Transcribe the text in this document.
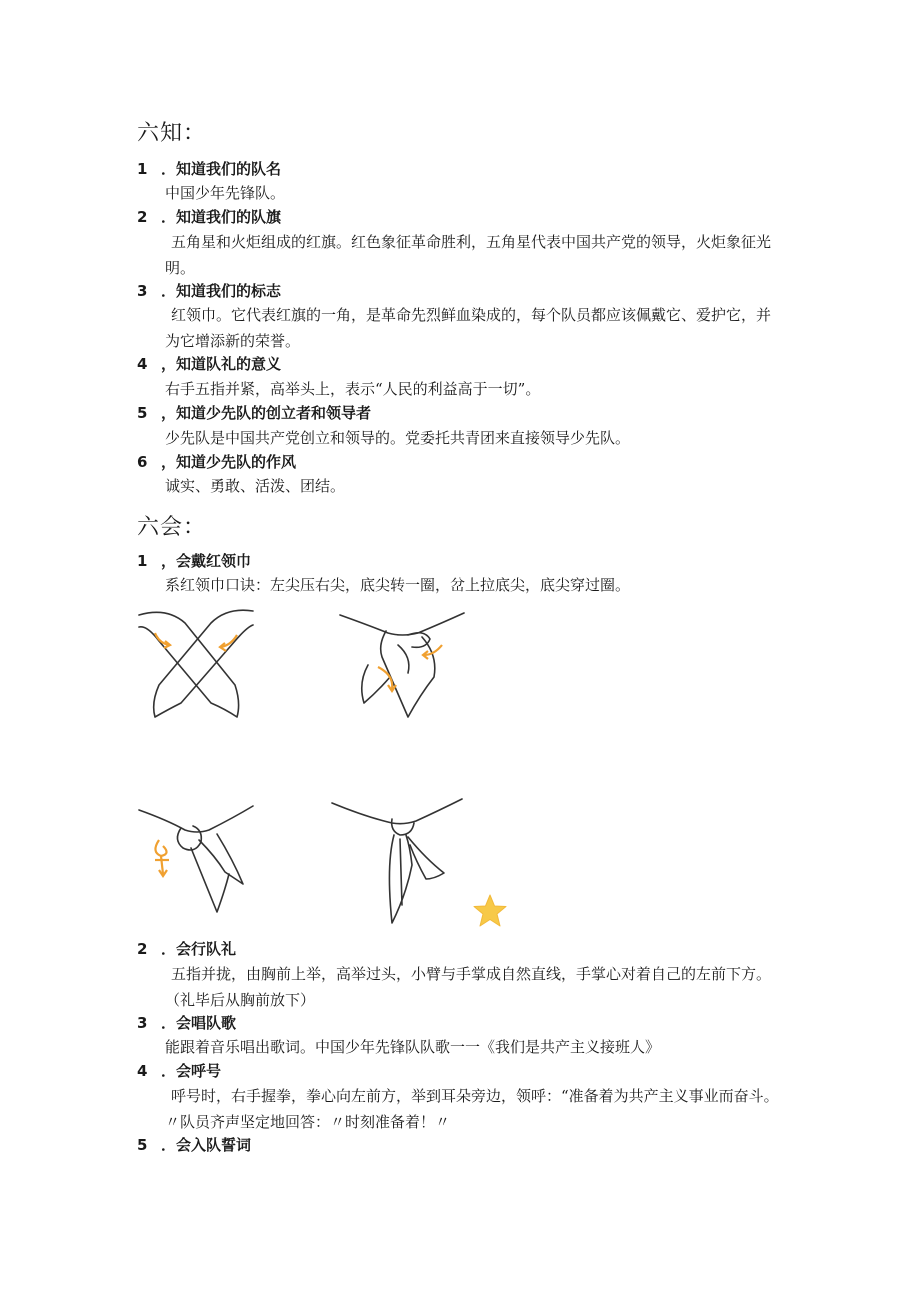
六知：
1 ．知道我们的队名
中国少年先锋队。
2 ．知道我们的队旗
五角星和火炬组成的红旗。红色象征革命胜利，五角星代表中国共产党的领导，火炬象征光明。
3 ．知道我们的标志
红领巾。它代表红旗的一角，是革命先烈鲜血染成的，每个队员都应该佩戴它、爱护它，并为它增添新的荣誉。
4 ，知道队礼的意义
右手五指并紧，高举头上，表示“人民的利益高于一切”。
5 ，知道少先队的创立者和领导者
少先队是中国共产党创立和领导的。党委托共青团来直接领导少先队。
6 ，知道少先队的作风
诚实、勇敢、活泼、团结。
六会：
1 ，会戴红领巾
系红领巾口诀：左尖压右尖，底尖转一圈，岔上拉底尖，底尖穿过圈。
2 ．会行队礼
五指并拢，由胸前上举，高举过头，小臂与手掌成自然直线，手掌心对着自己的左前下方。（礼毕后从胸前放下）
3 ．会唱队歌
能跟着音乐唱出歌词。中国少年先锋队队歌一一《我们是共产主义接班人》
4 ．会呼号
呼号时，右手握拳，拳心向左前方，举到耳朵旁边，领呼：“准备着为共产主义事业而奋斗。〃队员齐声坚定地回答：〃时刻准备着！〃
5 ．会入队誓词
